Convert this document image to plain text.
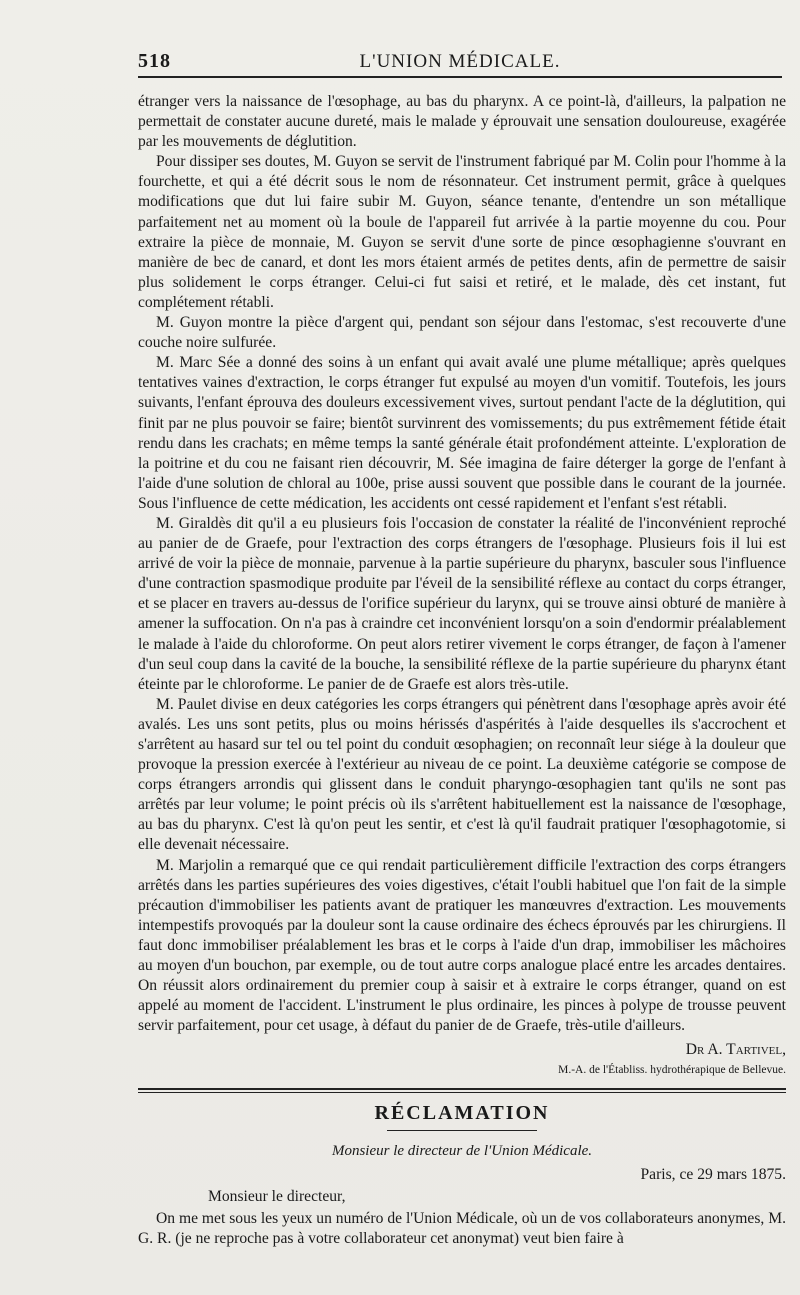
518	L'UNION MÉDICALE.

étranger vers la naissance de l'œsophage, au bas du pharynx. A ce point-là, d'ailleurs, la palpation ne permettait de constater aucune dureté, mais le malade y éprouvait une sensation douloureuse, exagérée par les mouvements de déglutition.

Pour dissiper ses doutes, M. Guyon se servit de l'instrument fabriqué par M. Colin pour l'homme à la fourchette, et qui a été décrit sous le nom de résonnateur. Cet instrument permit, grâce à quelques modifications que dut lui faire subir M. Guyon, séance tenante, d'entendre un son métallique parfaitement net au moment où la boule de l'appareil fut arrivée à la partie moyenne du cou. Pour extraire la pièce de monnaie, M. Guyon se servit d'une sorte de pince œsophagienne s'ouvrant en manière de bec de canard, et dont les mors étaient armés de petites dents, afin de permettre de saisir plus solidement le corps étranger. Celui-ci fut saisi et retiré, et le malade, dès cet instant, fut complétement rétabli.

M. Guyon montre la pièce d'argent qui, pendant son séjour dans l'estomac, s'est recouverte d'une couche noire sulfurée.

M. Marc Sée a donné des soins à un enfant qui avait avalé une plume métallique; après quelques tentatives vaines d'extraction, le corps étranger fut expulsé au moyen d'un vomitif. Toutefois, les jours suivants, l'enfant éprouva des douleurs excessivement vives, surtout pendant l'acte de la déglutition, qui finit par ne plus pouvoir se faire; bientôt survinrent des vomissements; du pus extrêmement fétide était rendu dans les crachats; en même temps la santé générale était profondément atteinte. L'exploration de la poitrine et du cou ne faisant rien découvrir, M. Sée imagina de faire déterger la gorge de l'enfant à l'aide d'une solution de chloral au 100e, prise aussi souvent que possible dans le courant de la journée. Sous l'influence de cette médication, les accidents ont cessé rapidement et l'enfant s'est rétabli.

M. Giraldès dit qu'il a eu plusieurs fois l'occasion de constater la réalité de l'inconvénient reproché au panier de de Graefe, pour l'extraction des corps étrangers de l'œsophage. Plusieurs fois il lui est arrivé de voir la pièce de monnaie, parvenue à la partie supérieure du pharynx, basculer sous l'influence d'une contraction spasmodique produite par l'éveil de la sensibilité réflexe au contact du corps étranger, et se placer en travers au-dessus de l'orifice supérieur du larynx, qui se trouve ainsi obturé de manière à amener la suffocation. On n'a pas à craindre cet inconvénient lorsqu'on a soin d'endormir préalablement le malade à l'aide du chloroforme. On peut alors retirer vivement le corps étranger, de façon à l'amener d'un seul coup dans la cavité de la bouche, la sensibilité réflexe de la partie supérieure du pharynx étant éteinte par le chloroforme. Le panier de de Graefe est alors très-utile.

M. Paulet divise en deux catégories les corps étrangers qui pénètrent dans l'œsophage après avoir été avalés. Les uns sont petits, plus ou moins hérissés d'aspérités à l'aide desquelles ils s'accrochent et s'arrêtent au hasard sur tel ou tel point du conduit œsophagien; on reconnaît leur siége à la douleur que provoque la pression exercée à l'extérieur au niveau de ce point. La deuxième catégorie se compose de corps étrangers arrondis qui glissent dans le conduit pharyngo-œsophagien tant qu'ils ne sont pas arrêtés par leur volume; le point précis où ils s'arrêtent habituellement est la naissance de l'œsophage, au bas du pharynx. C'est là qu'on peut les sentir, et c'est là qu'il faudrait pratiquer l'œsophagotomie, si elle devenait nécessaire.

M. Marjolin a remarqué que ce qui rendait particulièrement difficile l'extraction des corps étrangers arrêtés dans les parties supérieures des voies digestives, c'était l'oubli habituel que l'on fait de la simple précaution d'immobiliser les patients avant de pratiquer les manœuvres d'extraction. Les mouvements intempestifs provoqués par la douleur sont la cause ordinaire des échecs éprouvés par les chirurgiens. Il faut donc immobiliser préalablement les bras et le corps à l'aide d'un drap, immobiliser les mâchoires au moyen d'un bouchon, par exemple, ou de tout autre corps analogue placé entre les arcades dentaires. On réussit alors ordinairement du premier coup à saisir et à extraire le corps étranger, quand on est appelé au moment de l'accident. L'instrument le plus ordinaire, les pinces à polype de trousse peuvent servir parfaitement, pour cet usage, à défaut du panier de de Graefe, très-utile d'ailleurs.

Dr A. Tartivel,
M.-A. de l'Établiss. hydrothérapique de Bellevue.
RÉCLAMATION
Monsieur le directeur de l'Union Médicale.
Paris, ce 29 mars 1875.
Monsieur le directeur,

On me met sous les yeux un numéro de l'Union Médicale, où un de vos collaborateurs anonymes, M. G. R. (je ne reproche pas à votre collaborateur cet anonymat) veut bien faire à
